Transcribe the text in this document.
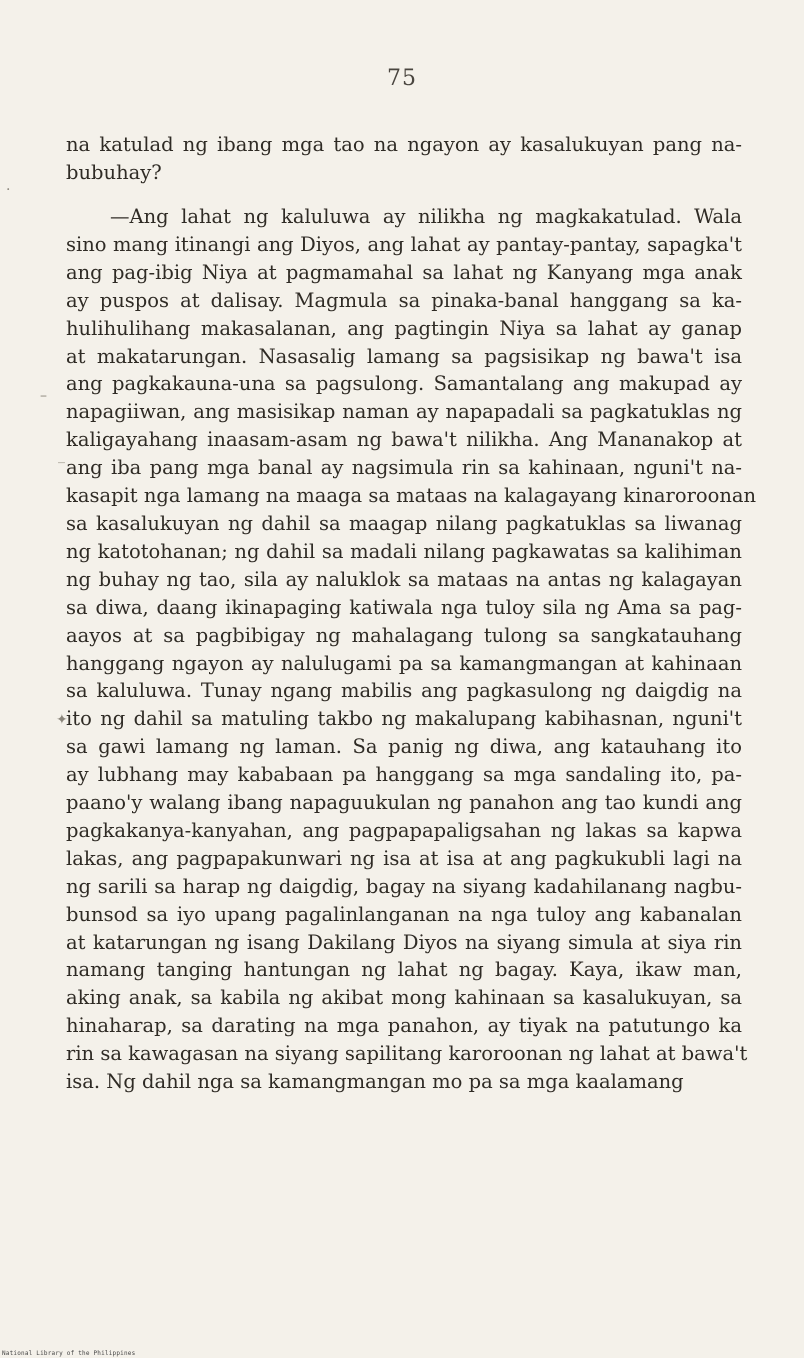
75
na katulad ng ibang mga tao na ngayon ay kasalukuyan pang na-
bubuhay?
—Ang lahat ng kaluluwa ay nilikha ng magkakatulad. Wala
sino mang itinangi ang Diyos, ang lahat ay pantay-pantay, sapagka't
ang pag-ibig Niya at pagmamahal sa lahat ng Kanyang mga anak
ay puspos at dalisay. Magmula sa pinaka-banal hanggang sa ka-
hulihulihang makasalanan, ang pagtingin Niya sa lahat ay ganap
at makatarungan. Nasasalig lamang sa pagsisikap ng bawa't isa
ang pagkakauna-una sa pagsulong. Samantalang ang makupad ay
napagiiwan, ang masisikap naman ay napapadali sa pagkatuklas ng
kaligayahang inaasam-asam ng bawa't nilikha. Ang Mananakop at
ang iba pang mga banal ay nagsimula rin sa kahinaan, nguni't na-
kasapit nga lamang na maaga sa mataas na kalagayang kinaroroonan
sa kasalukuyan ng dahil sa maagap nilang pagkatuklas sa liwanag
ng katotohanan; ng dahil sa madali nilang pagkawatas sa kalihiman
ng buhay ng tao, sila ay naluklok sa mataas na antas ng kalagayan
sa diwa, daang ikinapaging katiwala nga tuloy sila ng Ama sa pag-
aayos at sa pagbibigay ng mahalagang tulong sa sangkatauhang
hanggang ngayon ay nalulugami pa sa kamangmangan at kahinaan
sa kaluluwa. Tunay ngang mabilis ang pagkasulong ng daigdig na
ito ng dahil sa matuling takbo ng makalupang kabihasnan, nguni't
sa gawi lamang ng laman. Sa panig ng diwa, ang katauhang ito
ay lubhang may kababaan pa hanggang sa mga sandaling ito, pa-
paano'y walang ibang napaguukulan ng panahon ang tao kundi ang
pagkakanya-kanyahan, ang pagpapapaligsahan ng lakas sa kapwa
lakas, ang pagpapakunwari ng isa at isa at ang pagkukubli lagi na
ng sarili sa harap ng daigdig, bagay na siyang kadahilanang nagbu-
bunsod sa iyo upang pagalinlanganan na nga tuloy ang kabanalan
at katarungan ng isang Dakilang Diyos na siyang simula at siya rin
namang tanging hantungan ng lahat ng bagay. Kaya, ikaw man,
aking anak, sa kabila ng akibat mong kahinaan sa kasalukuyan, sa
hinaharap, sa darating na mga panahon, ay tiyak na patutungo ka
rin sa kawagasan na siyang sapilitang karoroonan ng lahat at bawa't
isa. Ng dahil nga sa kamangmangan mo pa sa mga kaalamang
·
–
_
✦
National Library of the Philippines
